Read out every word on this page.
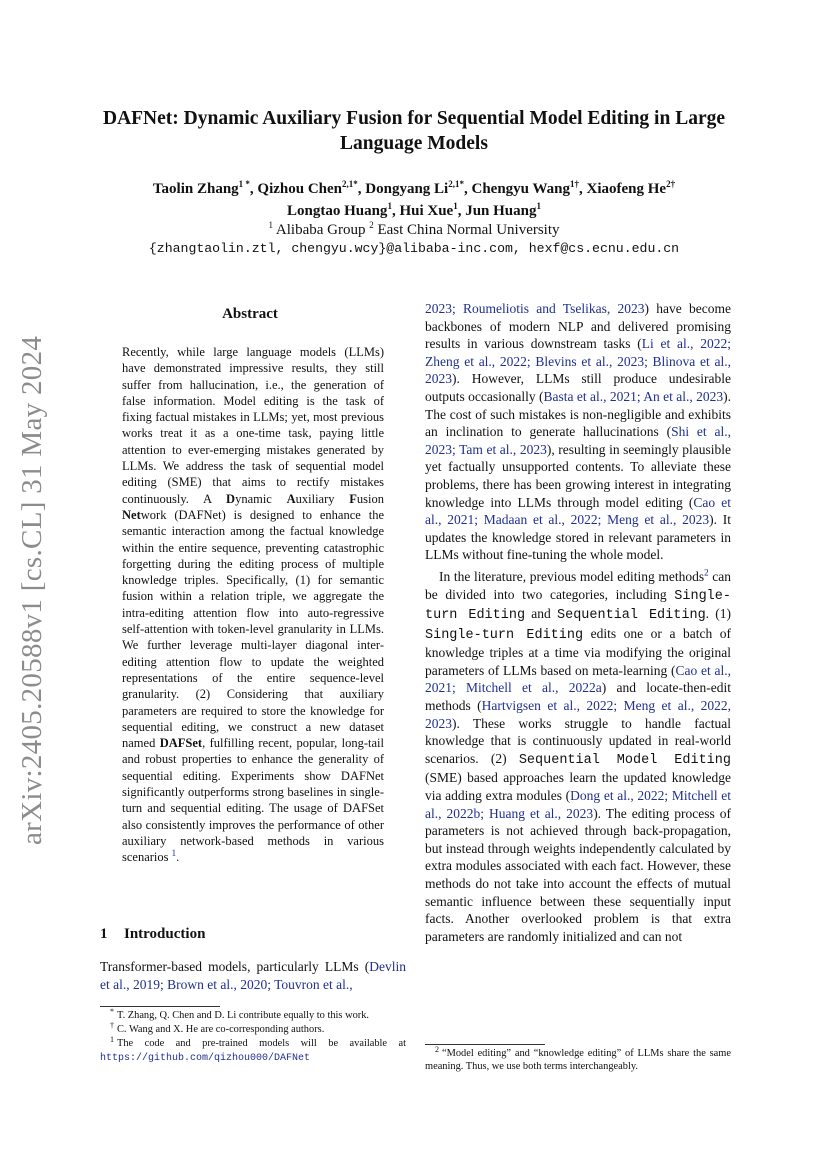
arXiv:2405.20588v1 [cs.CL] 31 May 2024
DAFNet: Dynamic Auxiliary Fusion for Sequential Model Editing in Large
Language Models
Taolin Zhang$^{1 *}$, Qizhou Chen$^{2,1*}$, Dongyang $Li^{2,1*}$, Chengyu Wang$^{1\dagger}$, Xiaofeng $He^{2\dagger}$
Longtao Huang$^1$, Hui Xue$^1$, Jun Huang$^1$
$^1$ Alibaba Group $^2$ East China Normal University
{zhangtaolin.ztl, chengyu.wcy}@alibaba-inc.com, hexf@cs.ecnu.edu.cn
Abstract
Recently, while large language models (LLMs) have demonstrated impressive results, they still suffer from hallucination, i.e., the generation of false information. Model editing is the task of fixing factual mistakes in LLMs; yet, most previous works treat it as a one-time task, paying little attention to ever-emerging mistakes generated by LLMs. We address the task of sequential model editing (SME) that aims to rectify mistakes continuously. A Dynamic Auxiliary Fusion Network (DAFNet) is designed to enhance the semantic interaction among the factual knowledge within the entire sequence, preventing catastrophic forgetting during the editing process of multiple knowledge triples. Specifically, (1) for semantic fusion within a relation triple, we aggregate the intra-editing attention flow into auto-regressive self-attention with token-level granularity in LLMs. We further leverage multi-layer diagonal inter-editing attention flow to update the weighted representations of the entire sequence-level granularity. (2) Considering that auxiliary parameters are required to store the knowledge for sequential editing, we construct a new dataset named DAFSet, fulfilling recent, popular, long-tail and robust properties to enhance the generality of sequential editing. Experiments show DAFNet significantly outperforms strong baselines in single-turn and sequential editing. The usage of DAFSet also consistently improves the performance of other auxiliary network-based methods in various scenarios $^1$.
1 Introduction
Transformer-based models, particularly LLMs (Devlin et al., 2019; Brown et al., 2020; Touvron et al.,

* T. Zhang, Q. Chen and D. Li contribute equally to this work.

† C. Wang and X. He are co-corresponding authors.

$^1$ The code and pre-trained models will be available at https://github.com/qizhou000/DAFNet

2023; Roumeliotis and Tselikas, 2023) have become backbones of modern NLP and delivered promising results in various downstream tasks (Li et al., 2022; Zheng et al., 2022; Blevins et al., 2023; Blinova et al., 2023). However, LLMs still produce undesirable outputs occasionally (Basta et al., 2021; An et al., 2023). The cost of such mistakes is non-negligible and exhibits an inclination to generate hallucinations (Shi et al., 2023; Tam et al., 2023), resulting in seemingly plausible yet factually unsupported contents. To alleviate these problems, there has been growing interest in integrating knowledge into LLMs through model editing (Cao et al., 2021; Madaan et al., 2022; Meng et al., 2023). It updates the knowledge stored in relevant parameters in LLMs without fine-tuning the whole model.

In the literature, previous model editing methods$^2$ can be divided into two categories, including Single-turn Editing and Sequential Editing. (1) Single-turn Editing edits one or a batch of knowledge triples at a time via modifying the original parameters of LLMs based on meta-learning (Cao et al., 2021; Mitchell et al., 2022a) and locate-then-edit methods (Hartvigsen et al., 2022; Meng et al., 2022, 2023). These works struggle to handle factual knowledge that is continuously updated in real-world scenarios. (2) Sequential Model Editing (SME) based approaches learn the updated knowledge via adding extra modules (Dong et al., 2022; Mitchell et al., 2022b; Huang et al., 2023). The editing process of parameters is not achieved through back-propagation, but instead through weights independently calculated by extra modules associated with each fact. However, these methods do not take into account the effects of mutual semantic influence between these sequentially input facts. Another overlooked problem is that extra parameters are randomly initialized and can not

$^2$ “Model editing” and “knowledge editing” of LLMs share the same meaning. Thus, we use both terms interchangeably.
